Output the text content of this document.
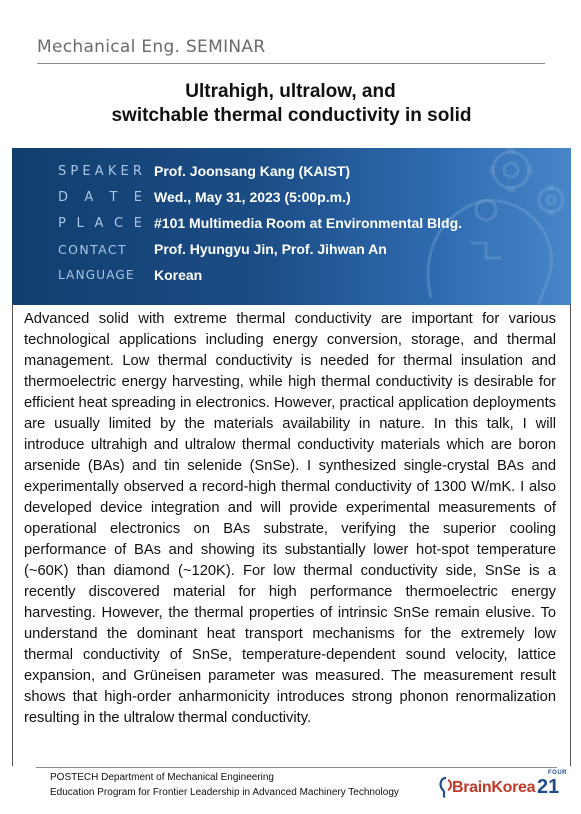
Mechanical Eng. SEMINAR
Ultrahigh, ultralow, and
switchable thermal conductivity in solid
S P E A K E R Prof. Joonsang Kang (KAIST)
D A T E Wed., May 31, 2023 (5:00p.m.)
P L A C E #101 Multimedia Room at Environmental Bldg.
CONTACT	Prof. Hyungyu Jin, Prof. Jihwan An
LANGUAGE	Korean

Advanced solid with extreme thermal conductivity are important for various technological applications including energy conversion, storage, and thermal management. Low thermal conductivity is needed for thermal insulation and thermoelectric energy harvesting, while high thermal conductivity is desirable for efficient heat spreading in electronics. However, practical application deployments are usually limited by the materials availability in nature. In this talk, I will introduce ultrahigh and ultralow thermal conductivity materials which are boron arsenide (BAs) and tin selenide (SnSe). I synthesized single-crystal BAs and experimentally observed a record-high thermal conductivity of 1300 W/mK. I also developed device integration and will provide experimental measurements of operational electronics on BAs substrate, verifying the superior cooling performance of BAs and showing its substantially lower hot-spot temperature (~60K) than diamond (~120K). For low thermal conductivity side, SnSe is a recently discovered material for high performance thermoelectric energy harvesting. However, the thermal properties of intrinsic SnSe remain elusive. To understand the dominant heat transport mechanisms for the extremely low thermal conductivity of SnSe, temperature-dependent sound velocity, lattice expansion, and Grüneisen parameter was measured. The measurement result shows that high-order anharmonicity introduces strong phonon renormalization resulting in the ultralow thermal conductivity.

POSTECH Department of Mechanical Engineering
Education Program for Frontier Leadership in Advanced Machinery Technology
FOUR
BrainKorea 21
